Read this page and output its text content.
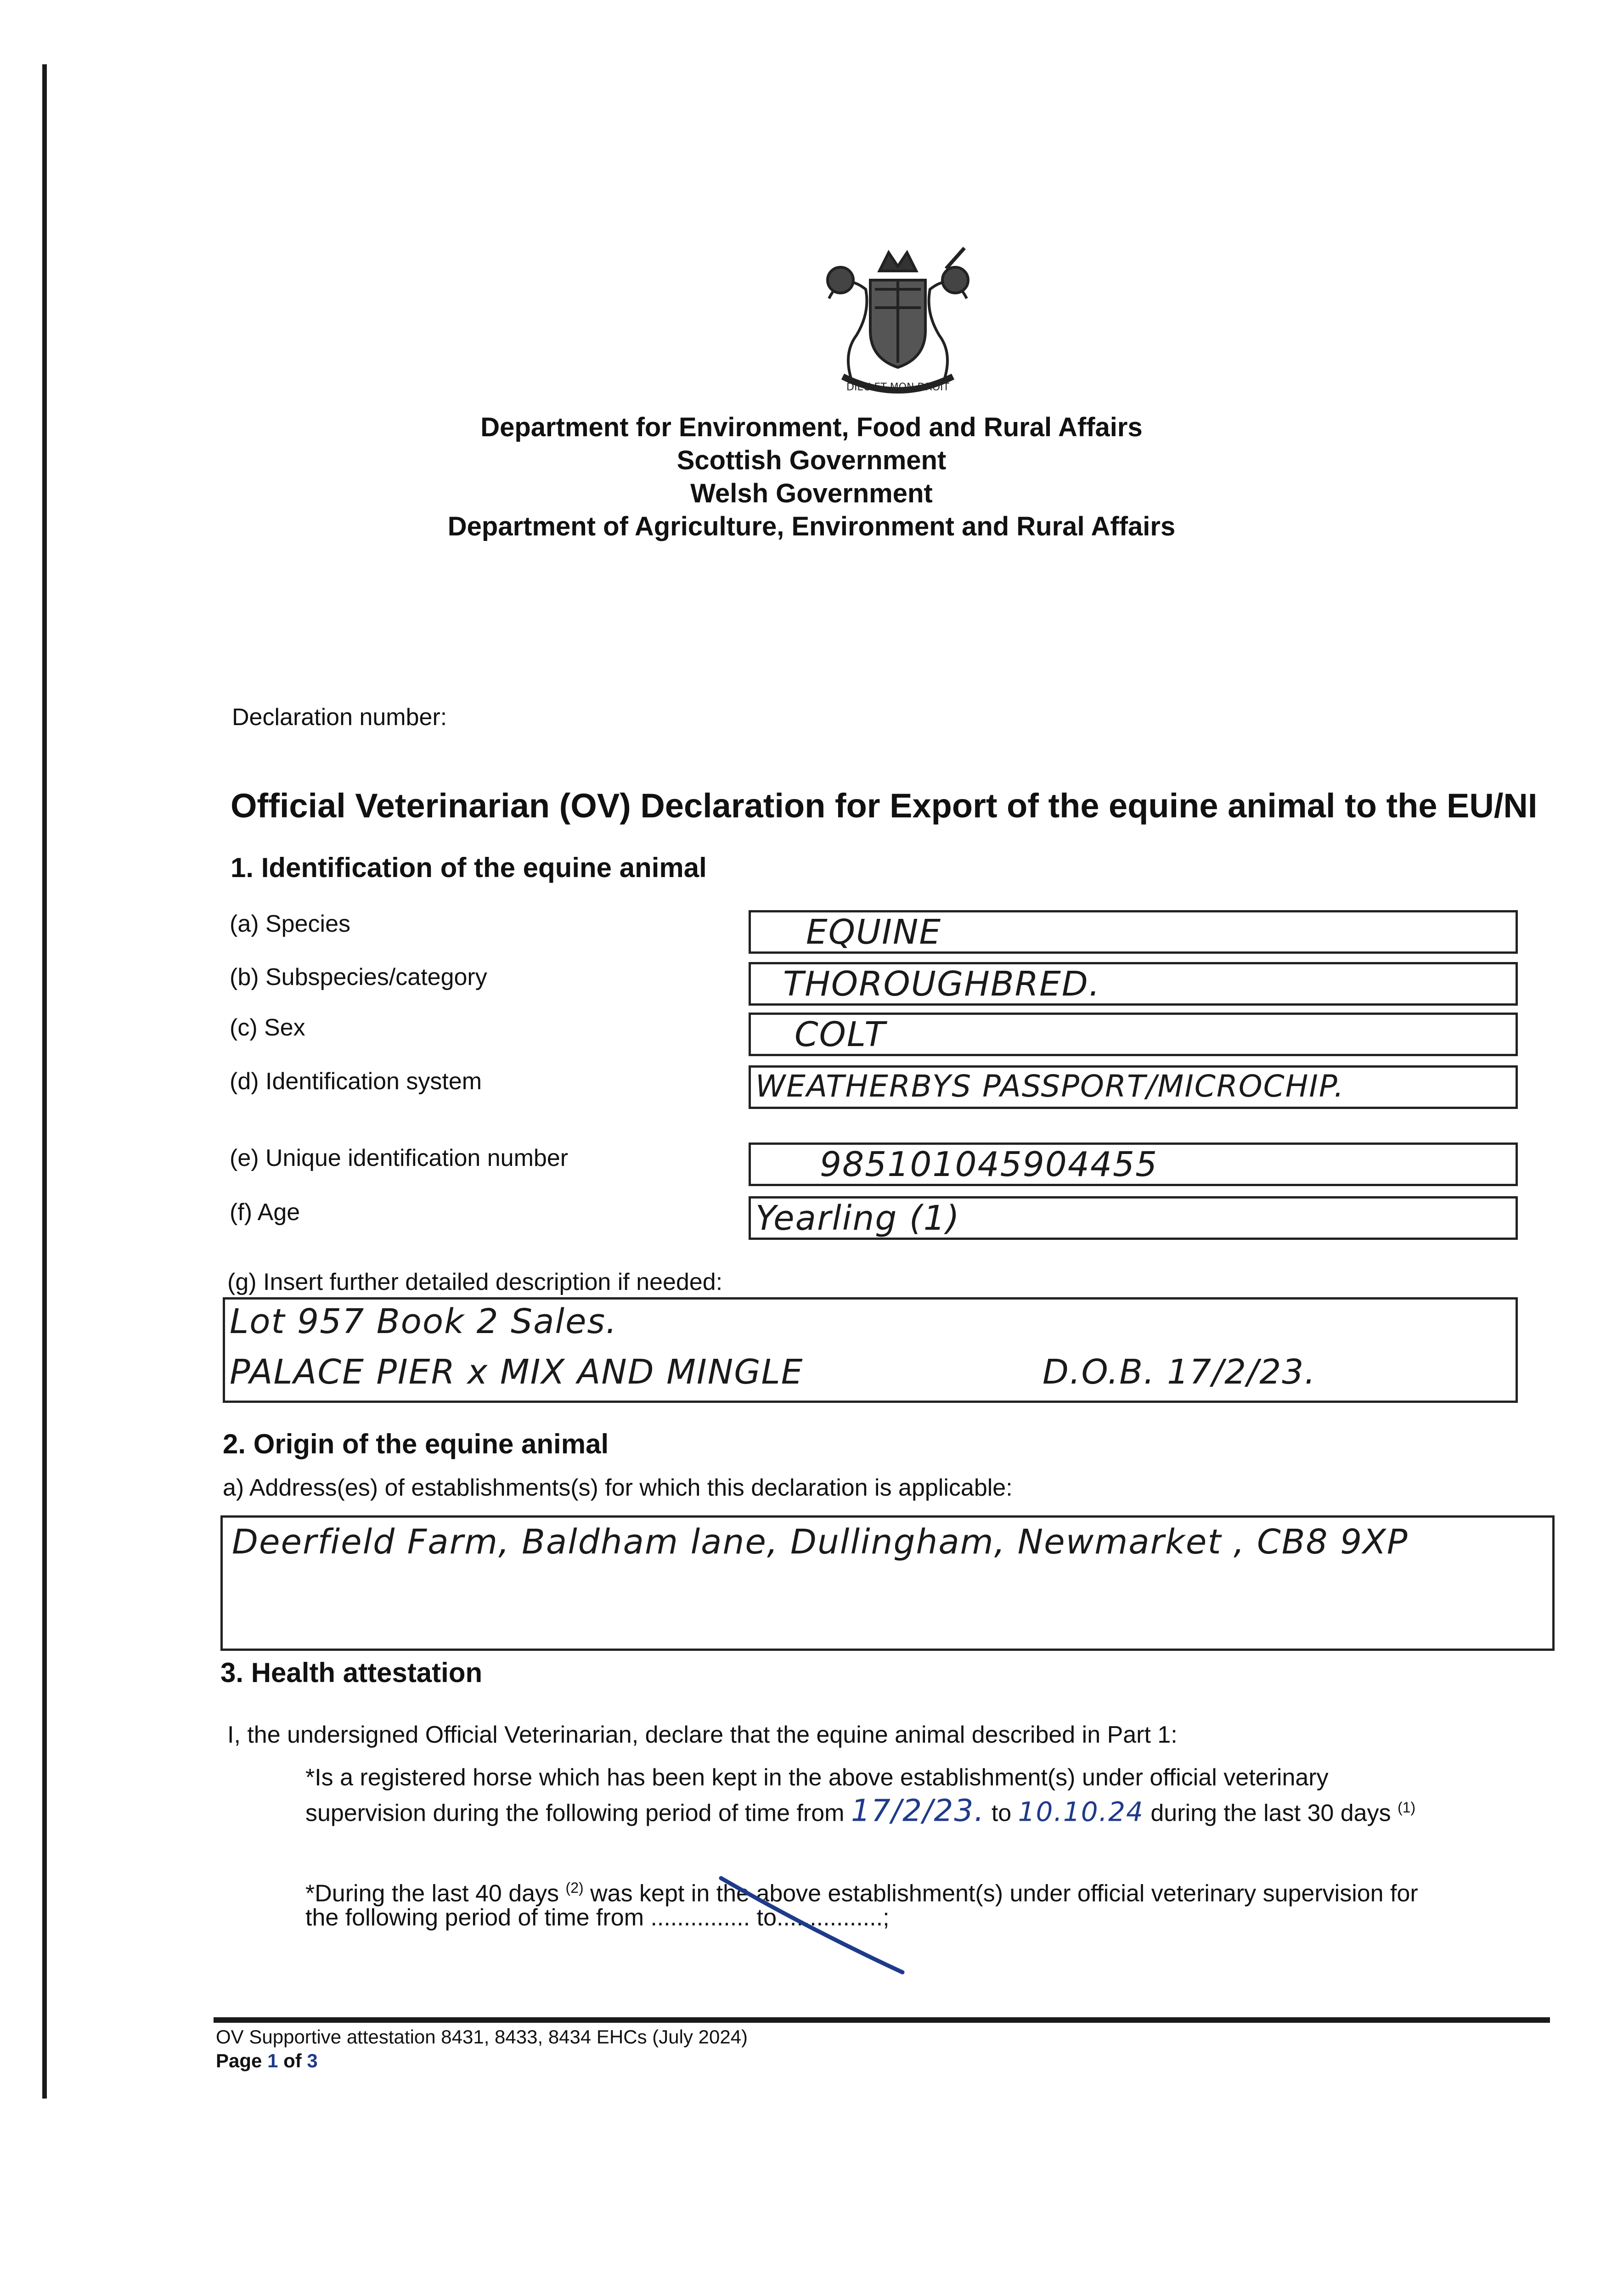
DIEU ET MON DROIT
Department for Environment, Food and Rural Affairs
Scottish Government
Welsh Government
Department of Agriculture, Environment and Rural Affairs
Declaration number:
Official Veterinarian (OV) Declaration for Export of the equine animal to the EU/NI
1. Identification of the equine animal
(a) Species	EQUINE
(b) Subspecies/category	THOROUGHBRED.
(c) Sex	COLT
(d) Identification system	WEATHERBYS PASSPORT/MICROCHIP.
(e) Unique identification number	985101045904455
(f) Age	Yearling (1)
(g) Insert further detailed description if needed:
Lot 957 Book 2 Sales.
PALACE PIER x MIX AND MINGLE	D.O.B. 17/2/23.
2. Origin of the equine animal
a) Address(es) of establishments(s) for which this declaration is applicable:
Deerfield Farm, Baldham lane, Dullingham, Newmarket , CB8 9XP
3. Health attestation
I, the undersigned Official Veterinarian, declare that the equine animal described in Part 1:
*Is a registered horse which has been kept in the above establishment(s) under official veterinary
supervision during the following period of time from 17/2/23. to 10.10.24 during the last 30 days $^{(1)}$
*During the last 40 days $^{(2)}$ was kept in the above establishment(s) under official veterinary supervision for
the following period of time from ............... to................;
OV Supportive attestation 8431, 8433, 8434 EHCs (July 2024)
Page 1 of 3
